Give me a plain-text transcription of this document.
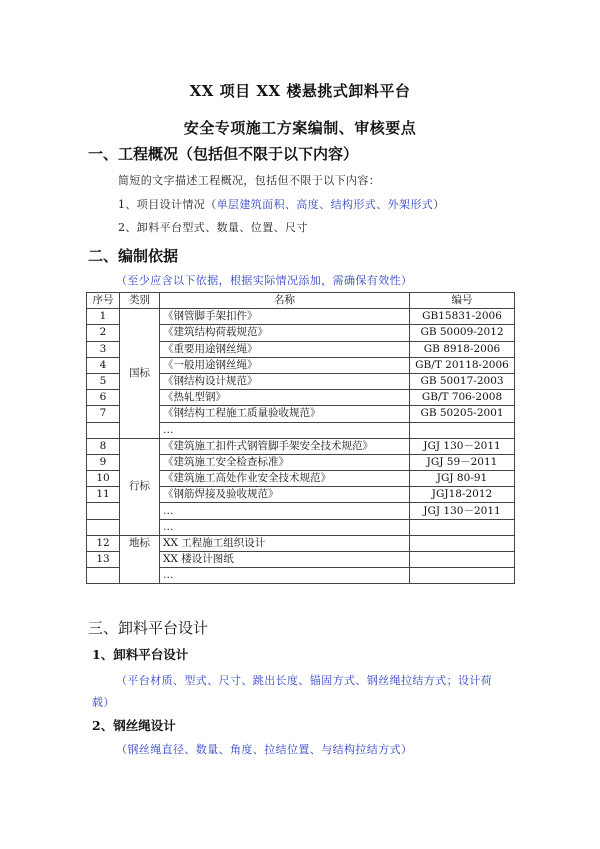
XX 项目 XX 楼悬挑式卸料平台
安全专项施工方案编制、审核要点
一、工程概况（包括但不限于以下内容）
简短的文字描述工程概况，包括但不限于以下内容：
1、项目设计情况（单层建筑面积、高度、结构形式、外架形式）
2、卸料平台型式、数量、位置、尺寸
二、编制依据
（至少应含以下依据，根据实际情况添加，需确保有效性）
序号	类别	名称	编号
1	国标	《钢管脚手架扣件》	GB15831-2006
2		《建筑结构荷载规范》	GB 50009-2012
3		《重要用途钢丝绳》	GB 8918-2006
4		《一般用途钢丝绳》	GB/T 20118-2006
5		《钢结构设计规范》	GB 50017-2003
6		《热轧型钢》	GB/T 706-2008
7		《钢结构工程施工质量验收规范》	GB 50205-2001
		…	
8	行标	《建筑施工扣件式钢管脚手架安全技术规范》	JGJ 130－2011
9		《建筑施工安全检查标准》	JGJ 59－2011
10		《建筑施工高处作业安全技术规范》	JGJ 80-91
11		《钢筋焊接及验收规范》	JGJ18-2012
		…	JGJ 130－2011
		…	
12	地标	XX 工程施工组织设计	
13		XX 楼设计图纸	
		…	
三、卸料平台设计
1、卸料平台设计
（平台材质、型式、尺寸、跳出长度、锚固方式、钢丝绳拉结方式；设计荷
载）
2、钢丝绳设计
（钢丝绳直径、数量、角度、拉结位置、与结构拉结方式）
